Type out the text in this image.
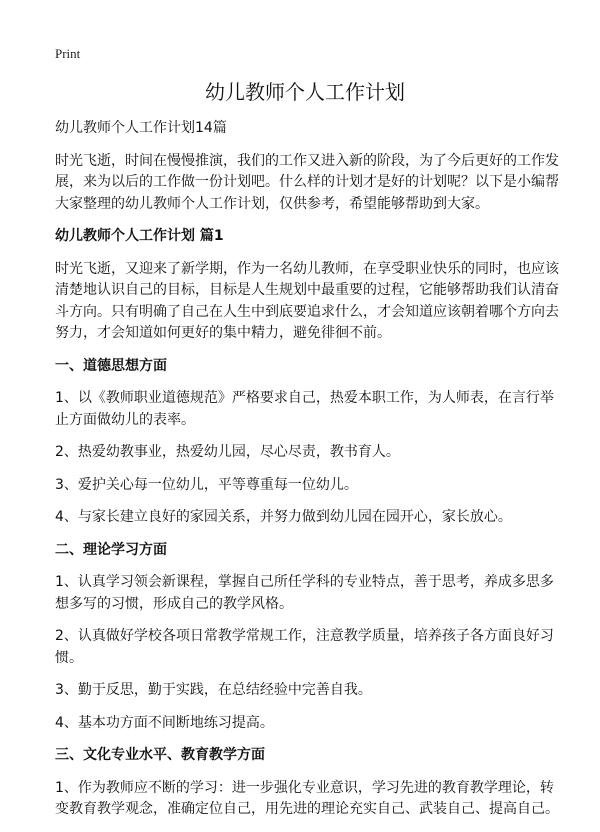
Print
幼儿教师个人工作计划
幼儿教师个人工作计划14篇
时光飞逝，时间在慢慢推演，我们的工作又进入新的阶段，为了今后更好的工作发
展，来为以后的工作做一份计划吧。什么样的计划才是好的计划呢？以下是小编帮
大家整理的幼儿教师个人工作计划，仅供参考，希望能够帮助到大家。
幼儿教师个人工作计划 篇1
时光飞逝，又迎来了新学期，作为一名幼儿教师，在享受职业快乐的同时，也应该
清楚地认识自己的目标，目标是人生规划中最重要的过程，它能够帮助我们认清奋
斗方向。只有明确了自己在人生中到底要追求什么，才会知道应该朝着哪个方向去
努力，才会知道如何更好的集中精力，避免徘徊不前。
一、道德思想方面
1、以《教师职业道德规范》严格要求自己，热爱本职工作，为人师表，在言行举
止方面做幼儿的表率。
2、热爱幼教事业，热爱幼儿园，尽心尽责，教书育人。
3、爱护关心每一位幼儿，平等尊重每一位幼儿。
4、与家长建立良好的家园关系，并努力做到幼儿园在园开心，家长放心。
二、理论学习方面
1、认真学习领会新课程，掌握自己所任学科的专业特点，善于思考，养成多思多
想多写的习惯，形成自己的教学风格。
2、认真做好学校各项日常教学常规工作，注意教学质量，培养孩子各方面良好习
惯。
3、勤于反思，勤于实践，在总结经验中完善自我。
4、基本功方面不间断地练习提高。
三、文化专业水平、教育教学方面
1、作为教师应不断的学习：进一步强化专业意识，学习先进的教育教学理论，转
变教育教学观念，准确定位自己，用先进的理论充实自己、武装自己、提高自己。
